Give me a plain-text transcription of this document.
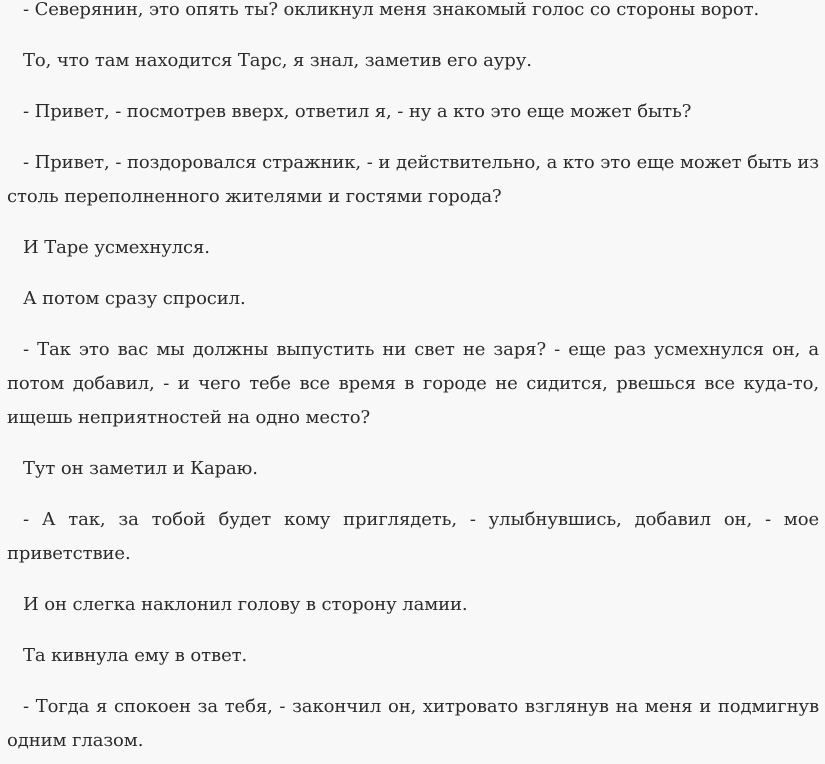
- Северянин, это опять ты? окликнул меня знакомый голос со стороны ворот.

То, что там находится Тарс, я знал, заметив его ауру.

- Привет, - посмотрев вверх, ответил я, - ну а кто это еще может быть?

- Привет, - поздоровался стражник, - и действительно, а кто это еще может быть из столь переполненного жителями и гостями города?

И Таре усмехнулся.

А потом сразу спросил.

- Так это вас мы должны выпустить ни свет не заря? - еще раз усмехнулся он, а потом добавил, - и чего тебе все время в городе не сидится, рвешься все куда-то, ищешь неприятностей на одно место?

Тут он заметил и Караю.

- А так, за тобой будет кому приглядеть, - улыбнувшись, добавил он, - мое приветствие.

И он слегка наклонил голову в сторону ламии.

Та кивнула ему в ответ.

- Тогда я спокоен за тебя, - закончил он, хитровато взглянув на меня и подмигнув одним глазом.
